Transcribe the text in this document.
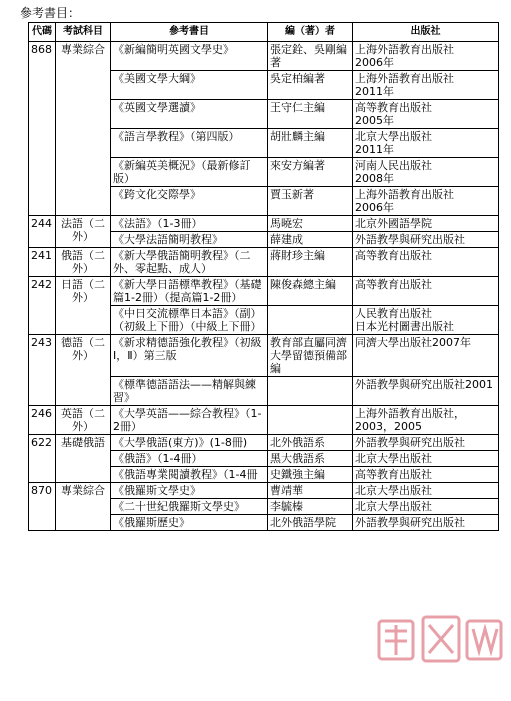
參考書目：
代碼	考試科目	參考書目	編（著）者	出版社
868	專業綜合	《新編簡明英國文學史》	張定銓、吳剛編著	上海外語教育出版社
2006年

		《美國文學大綱》	吳定柏編著	上海外語教育出版社
2011年

		《英國文學選讀》	王守仁主編	高等教育出版社
2005年

		《語言學教程》（第四版）	胡壯麟主編	北京大學出版社
2011年

		《新編英美概況》（最新修訂版）	來安方編著	河南人民出版社
2008年

		《跨文化交際學》	賈玉新著	上海外語教育出版社
2006年

244	法語（二外）	《法語》（1-3冊）	馬曉宏	北京外國語學院

		《大學法語簡明教程》	薛建成	外語教學與研究出版社

241	俄語（二外）	《新大學俄語簡明教程》（二外、零起點、成人）	蔣財珍主編	高等教育出版社

242	日語（二外）	《新大學日語標準教程》（基礎篇1-2冊）（提高篇1-2冊）	陳俊森總主編	高等教育出版社

		《中日交流標準日本語》（副）（初級上下冊）（中級上下冊）		人民教育出版社
日本光村圖書出版社

243	德語（二外）	《新求精德語強化教程》（初級Ⅰ，Ⅱ）第三版	教育部直屬同濟大學留德預備部編	同濟大學出版社2007年

		《標準德語語法——精解與練習》		外語教學與研究出版社2001

246	英語（二外）	《大學英語——綜合教程》（1-2冊）		上海外語教育出版社，2003，2005

622	基礎俄語	《大學俄語(東方)》(1-8冊)	北外俄語系	外語教學與研究出版社

		《俄語》（1-4冊）	黑大俄語系	北京大學出版社

		《俄語專業閱讀教程》（1-4冊	史鐵強主編	高等教育出版社

870	專業綜合	《俄羅斯文學史》	曹靖華	北京大學出版社

		《二十世紀俄羅斯文學史》	李毓榛	北京大學出版社

		《俄羅斯歷史》	北外俄語學院	外語教學與研究出版社
